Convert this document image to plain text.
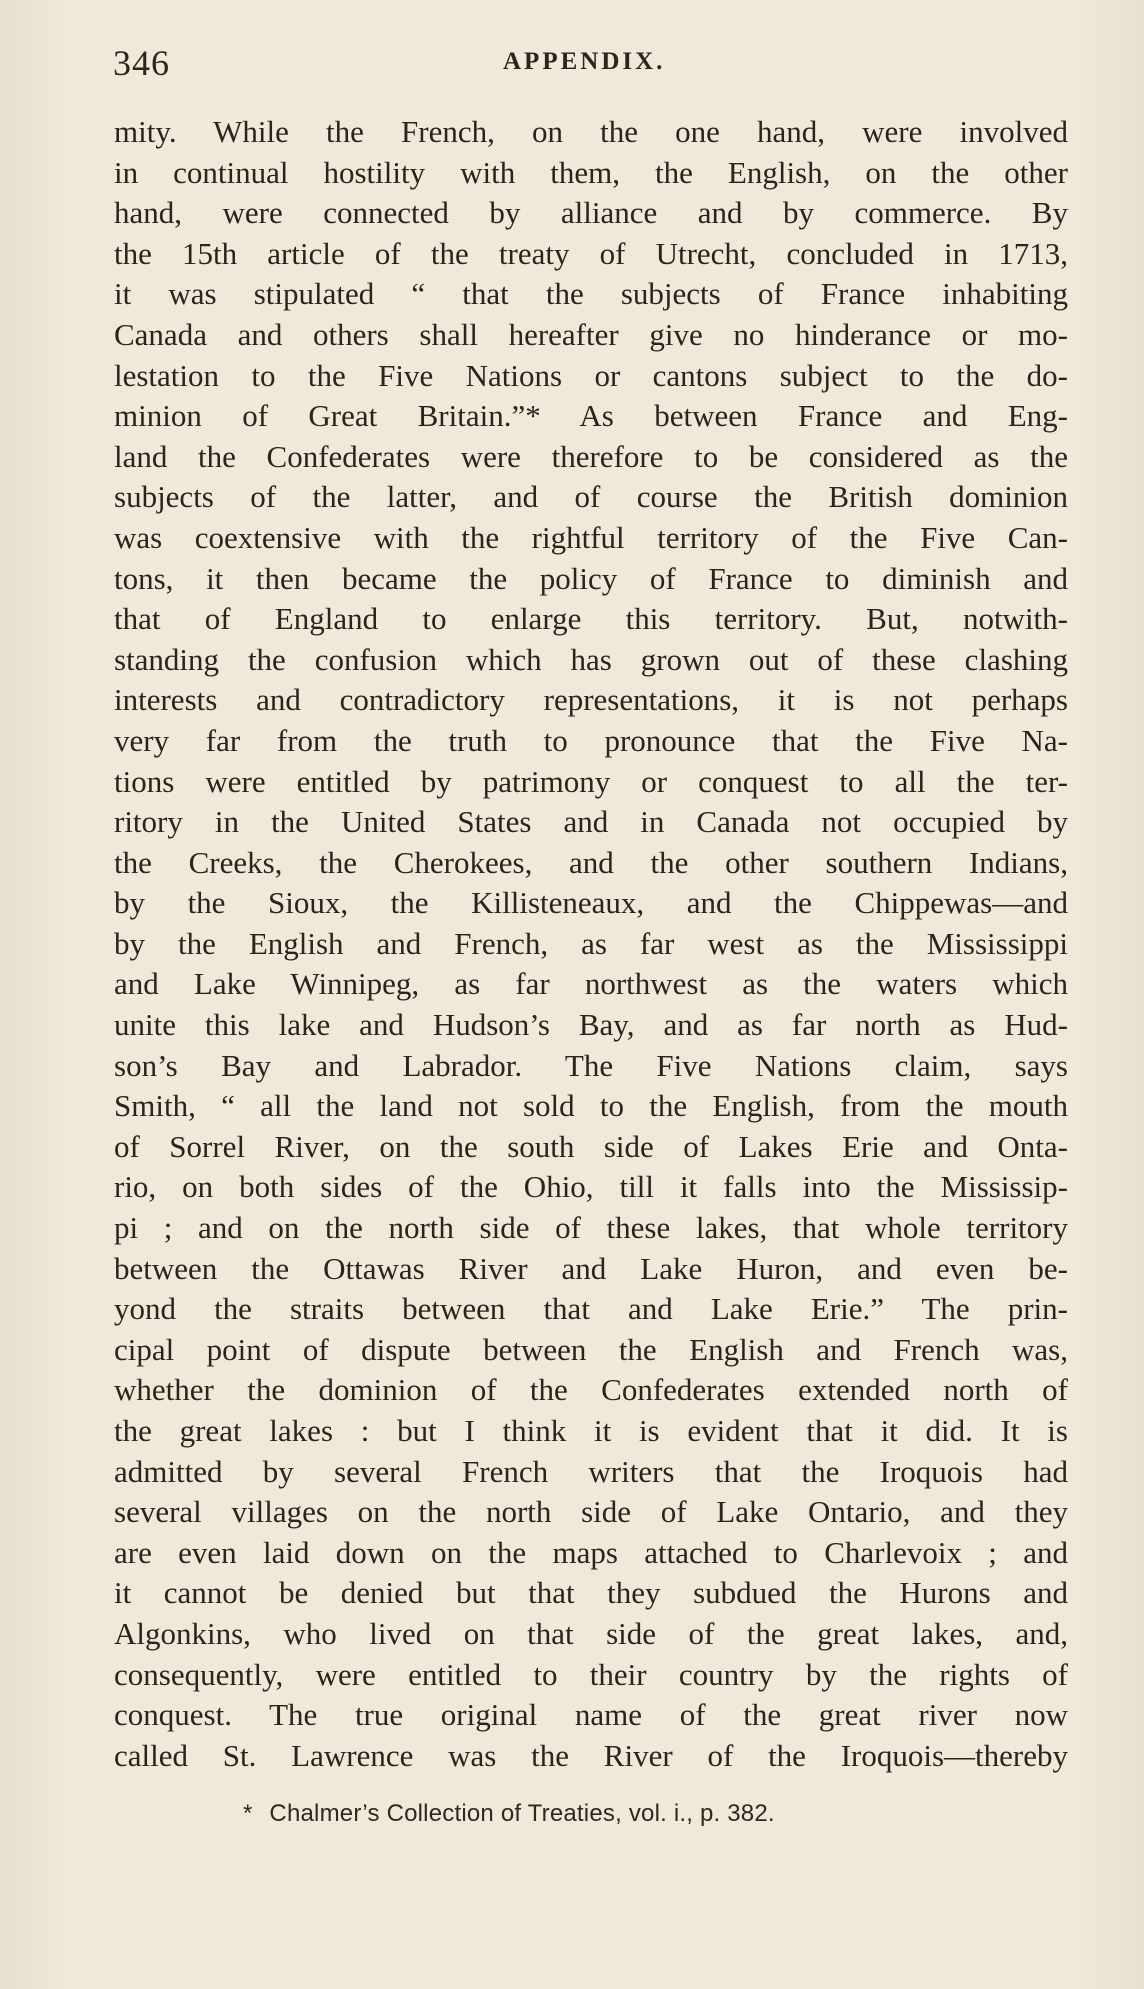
346	APPENDIX.
mity. While the French, on the one hand, were involved
in continual hostility with them, the English, on the other
hand, were connected by alliance and by commerce. By
the 15th article of the treaty of Utrecht, concluded in 1713,
it was stipulated “ that the subjects of France inhabiting
Canada and others shall hereafter give no hinderance or mo-
lestation to the Five Nations or cantons subject to the do-
minion of Great Britain.”* As between France and Eng-
land the Confederates were therefore to be considered as the
subjects of the latter, and of course the British dominion
was coextensive with the rightful territory of the Five Can-
tons, it then became the policy of France to diminish and
that of England to enlarge this territory. But, notwith-
standing the confusion which has grown out of these clashing
interests and contradictory representations, it is not perhaps
very far from the truth to pronounce that the Five Na-
tions were entitled by patrimony or conquest to all the ter-
ritory in the United States and in Canada not occupied by
the Creeks, the Cherokees, and the other southern Indians,
by the Sioux, the Killisteneaux, and the Chippewas—and
by the English and French, as far west as the Mississippi
and Lake Winnipeg, as far northwest as the waters which
unite this lake and Hudson’s Bay, and as far north as Hud-
son’s Bay and Labrador. The Five Nations claim, says
Smith, “ all the land not sold to the English, from the mouth
of Sorrel River, on the south side of Lakes Erie and Onta-
rio, on both sides of the Ohio, till it falls into the Mississip-
pi ; and on the north side of these lakes, that whole territory
between the Ottawas River and Lake Huron, and even be-
yond the straits between that and Lake Erie.” The prin-
cipal point of dispute between the English and French was,
whether the dominion of the Confederates extended north of
the great lakes : but I think it is evident that it did. It is
admitted by several French writers that the Iroquois had
several villages on the north side of Lake Ontario, and they
are even laid down on the maps attached to Charlevoix ; and
it cannot be denied but that they subdued the Hurons and
Algonkins, who lived on that side of the great lakes, and,
consequently, were entitled to their country by the rights of
conquest. The true original name of the great river now
called St. Lawrence was the River of the Iroquois—thereby
* Chalmer’s Collection of Treaties, vol. i., p. 382.
